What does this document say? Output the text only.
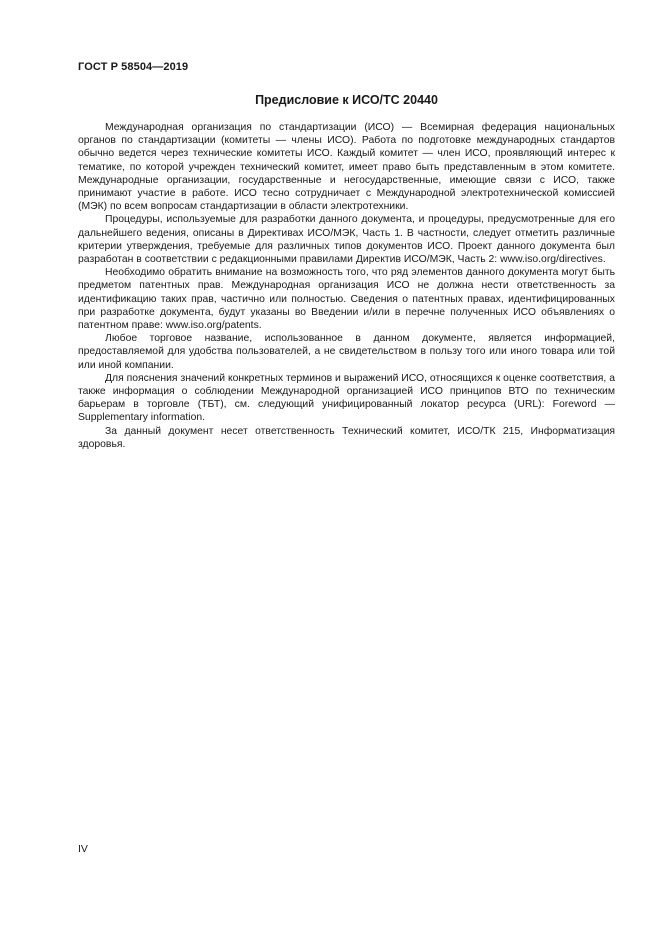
ГОСТ Р 58504—2019
Предисловие к ИСО/ТС 20440

Международная организация по стандартизации (ИСО) — Всемирная федерация национальных органов по стандартизации (комитеты — члены ИСО). Работа по подготовке международных стандартов обычно ведется через технические комитеты ИСО. Каждый комитет — член ИСО, проявляющий интерес к тематике, по которой учрежден технический комитет, имеет право быть представленным в этом комитете. Международные организации, государственные и негосударственные, имеющие связи с ИСО, также принимают участие в работе. ИСО тесно сотрудничает с Международной электротехнической комиссией (МЭК) по всем вопросам стандартизации в области электротехники.

Процедуры, используемые для разработки данного документа, и процедуры, предусмотренные для его дальнейшего ведения, описаны в Директивах ИСО/МЭК, Часть 1. В частности, следует отметить различные критерии утверждения, требуемые для различных типов документов ИСО. Проект данного документа был разработан в соответствии с редакционными правилами Директив ИСО/МЭК, Часть 2: www.iso.org/directives.

Необходимо обратить внимание на возможность того, что ряд элементов данного документа могут быть предметом патентных прав. Международная организация ИСО не должна нести ответственность за идентификацию таких прав, частично или полностью. Сведения о патентных правах, идентифицированных при разработке документа, будут указаны во Введении и/или в перечне полученных ИСО объявлениях о патентном праве: www.iso.org/patents.

Любое торговое название, использованное в данном документе, является информацией, предоставляемой для удобства пользователей, а не свидетельством в пользу того или иного товара или той или иной компании.

Для пояснения значений конкретных терминов и выражений ИСО, относящихся к оценке соответствия, а также информация о соблюдении Международной организацией ИСО принципов ВТО по техническим барьерам в торговле (ТБТ), см. следующий унифицированный локатор ресурса (URL): Foreword — Supplementary information.

За данный документ несет ответственность Технический комитет, ИСО/ТК 215, Информатизация здоровья.

IV
